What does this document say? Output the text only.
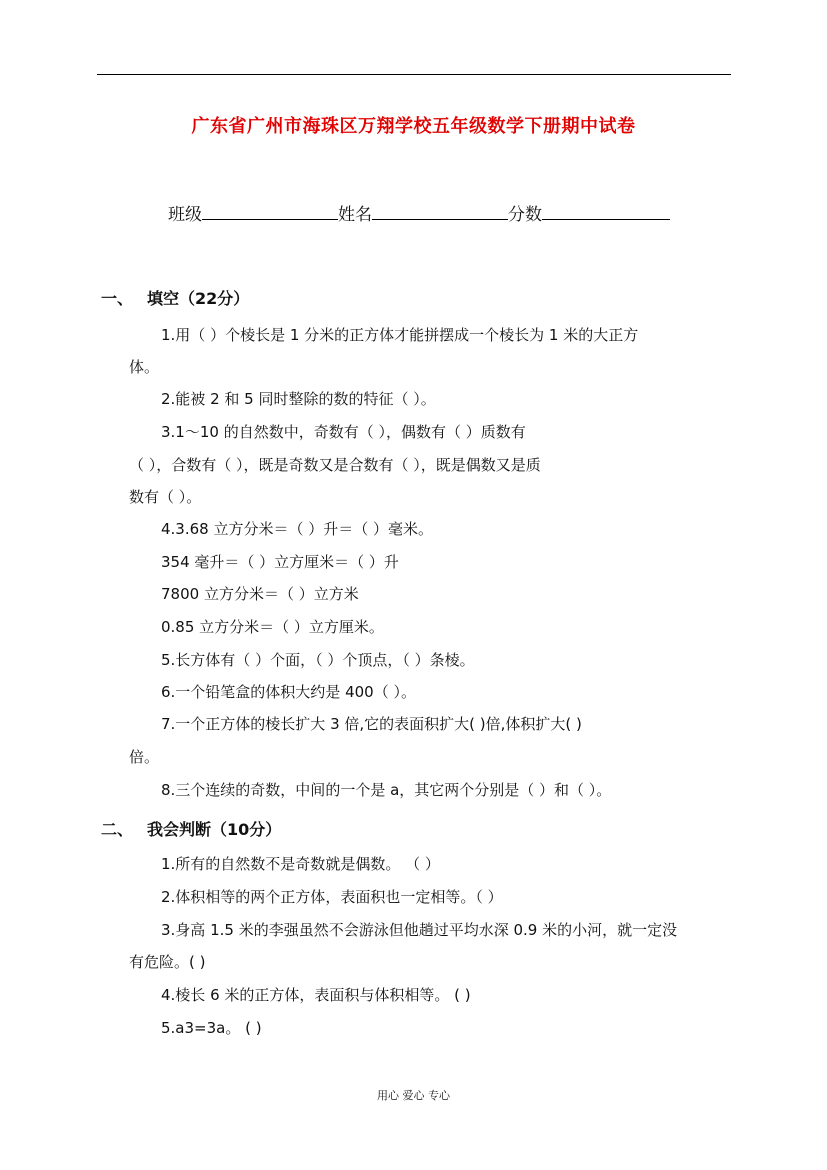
广东省广州市海珠区万翔学校五年级数学下册期中试卷
班级	姓名	分数
一、 填空（22分）
1.用（ ）个棱长是 1 分米的正方体才能拼摆成一个棱长为 1 米的大正方
体。
2.能被 2 和 5 同时整除的数的特征（ ）。
3.1～10 的自然数中，奇数有（ ），偶数有（ ）质数有
（ ），合数有（ ），既是奇数又是合数有（ ），既是偶数又是质
数有（ ）。
4.3.68 立方分米＝（ ）升＝（ ）毫米。
354 毫升＝（ ）立方厘米＝（ ）升
7800 立方分米＝（ ）立方米
0.85 立方分米＝（ ）立方厘米。
5.长方体有（ ）个面，（ ）个顶点，（ ）条棱。
6.一个铅笔盒的体积大约是 400（ ）。
7.一个正方体的棱长扩大 3 倍,它的表面积扩大( )倍,体积扩大( )
倍。
8.三个连续的奇数，中间的一个是 a，其它两个分别是（ ）和（ ）。
二、 我会判断（10分）
1.所有的自然数不是奇数就是偶数。 （ ）
2.体积相等的两个正方体，表面积也一定相等。（ ）
3.身高 1.5 米的李强虽然不会游泳但他趟过平均水深 0.9 米的小河，就一定没
有危险。( )
4.棱长 6 米的正方体，表面积与体积相等。 ( )
5.a3=3a。 ( )
用心 爱心 专心
